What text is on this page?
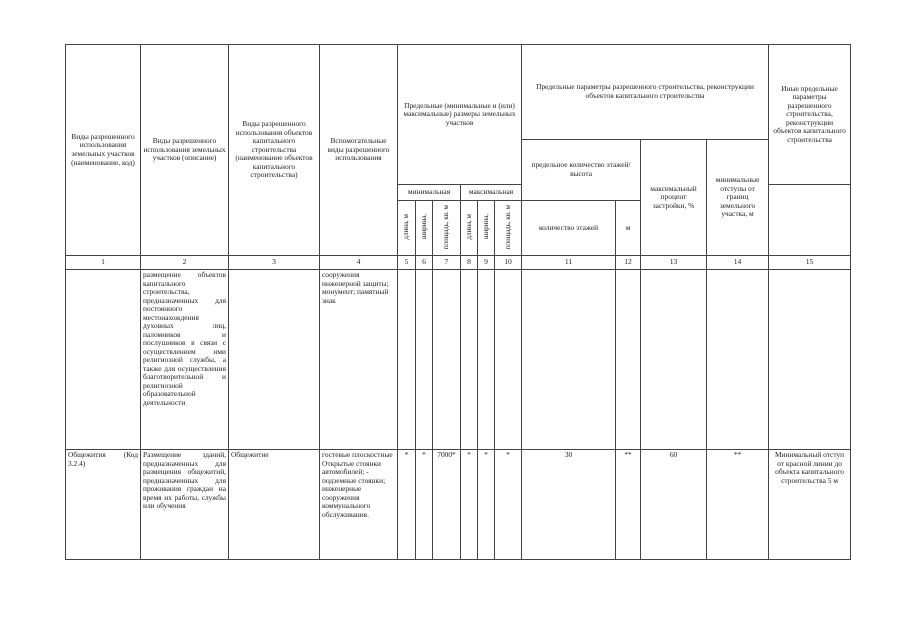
Виды разрешенного использования земельных участков (наименование, код)	Виды разрешенного использования земельных участков (описание)	Виды разрешенного использования объектов капитального строительства (наименование объектов капитального строительства)	Вспомогательные виды разрешенного использования	Предельные (минимальные и (или) максимальные) размеры земельных участков						Предельные параметры разрешенного строительства, реконструкции объектов капитального строительства				Иные предельные параметры разрешенного строительства, реконструкции объектов капитального строительства
										предельное количество этажей/высота		максимальный процент застройки, %	минимальные отступы от границ земельного участка, м	
				минимальная			максимальная							
				длина, м	ширина,	площадь, кв. м	длина, м	ширина,	площадь, кв. м	количество этажей	м			
1	2	3	4	5	6	7	8	9	10	11	12	13	14	15
	размещение объектов капитального строительства, предназначенных для постоянного местонахождения духовных лиц, паломников и послушников в связи с осуществлением ими религиозной службы, а также для осуществления благотворительной и религиозной образовательной деятельности		сооружения инженерной защиты; монумент; памятный знак											
Общежития (Код 3.2.4)	Размещение зданий, предназначенных для размещения общежитий, предназначенных для проживания граждан на время их работы, службы или обучения	Общежитие	гостевые плоскостные Открытые стоянки автомобилей; - подземные стоянки; инженерные сооружения коммунального обслуживания.	*	*	7000*	*	*	*	30	**	60	**	Минимальный отступ от красной линии до объекта капитального строительства 5 м
